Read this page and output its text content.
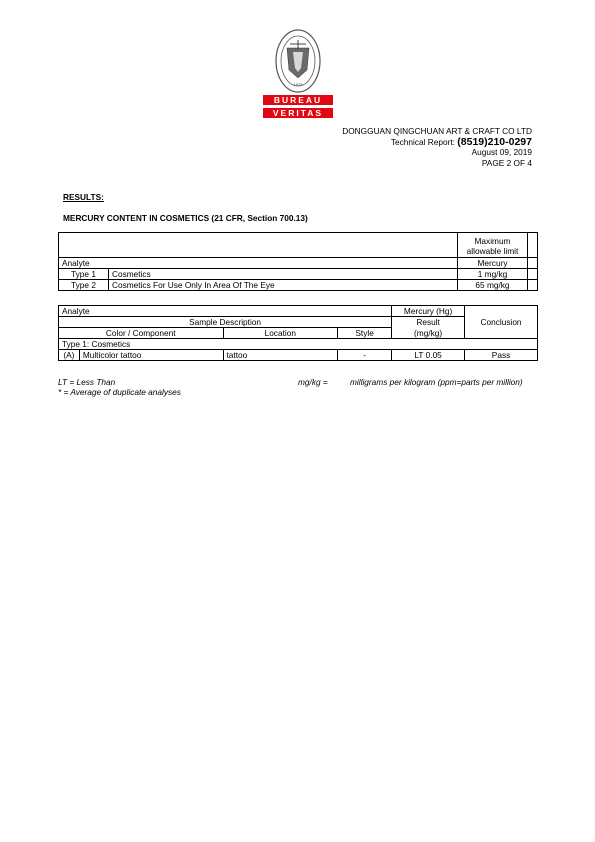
1828
BUREAU
VERITAS
DONGGUAN QINGCHUAN ART & CRAFT CO LTD
Technical Report: (8519)210-0297
August 09, 2019
PAGE 2 OF 4
RESULTS:
MERCURY CONTENT IN COSMETICS (21 CFR, Section 700.13)

		Maximum
allowable limit	

Analyte		Mercury	
Type 1	Cosmetics	1 mg/kg	
Type 2	Cosmetics For Use Only In Area Of The Eye	65 mg/kg	
Analyte				Mercury (Hg)	Conclusion
Sample Description				Result	
Color / Component		Location	Style	(mg/kg)	
Type 1: Cosmetics					
(A)	Multicolor tattoo	tattoo	-	LT 0.05	Pass
LT = Less Than
* = Average of duplicate analyses
mg/kg =	milligrams per kilogram (ppm=parts per million)
